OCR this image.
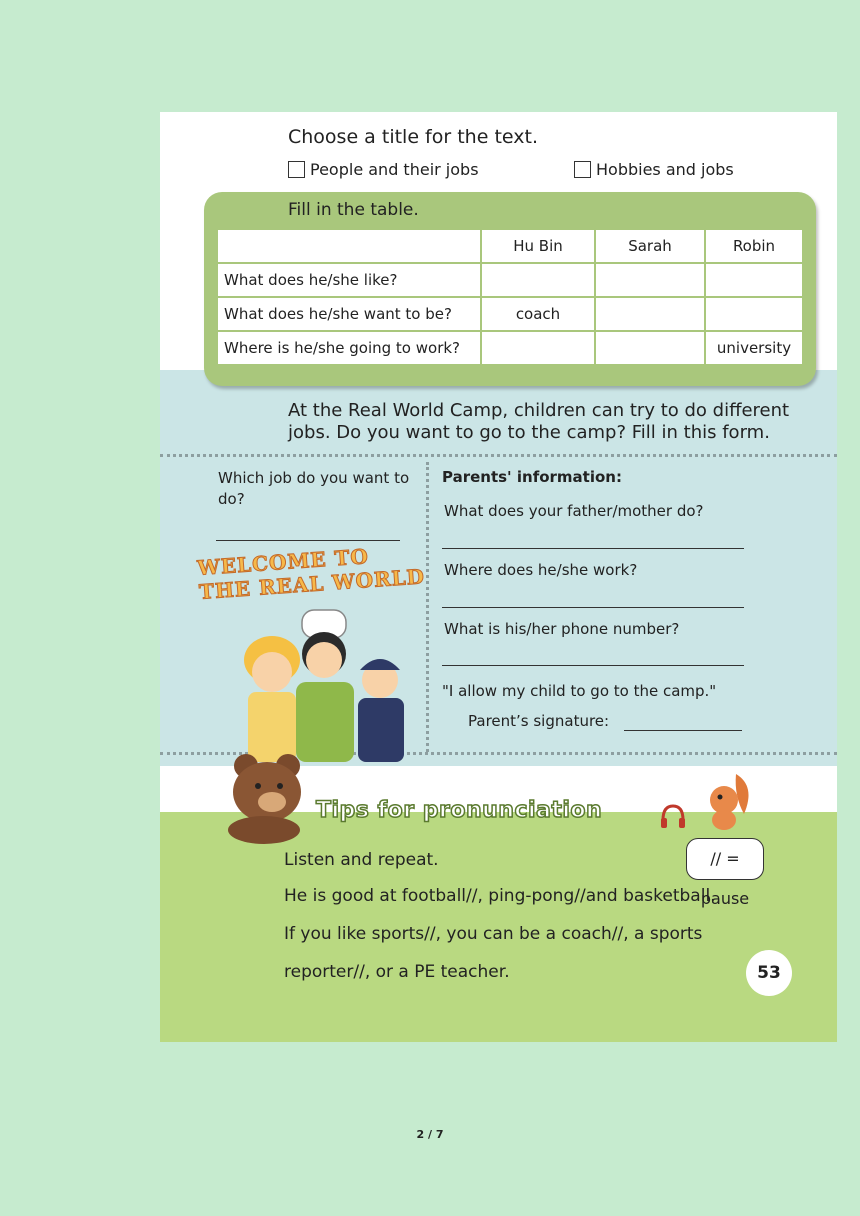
Choose a title for the text.
People and their jobs	Hobbies and jobs
Fill in the table.
	Hu Bin	Sarah	Robin
What does he/she like?			
What does he/she want to be?	coach		
Where is he/she going to work?			university
At the Real World Camp, children can try to do different jobs. Do you want to go to the camp? Fill in this form.
Which job do you want to do?
WELCOME TO THE REAL WORLD
Parents' information:
What does your father/mother do?
Where does he/she work?
What is his/her phone number?
"I allow my child to go to the camp."
Parent’s signature:
Tips for pronunciation
// = pause
Listen and repeat.
He is good at football//, ping-pong//and basketball.
If you like sports//, you can be a coach//, a sports
reporter//, or a PE teacher.	53
2 / 7
